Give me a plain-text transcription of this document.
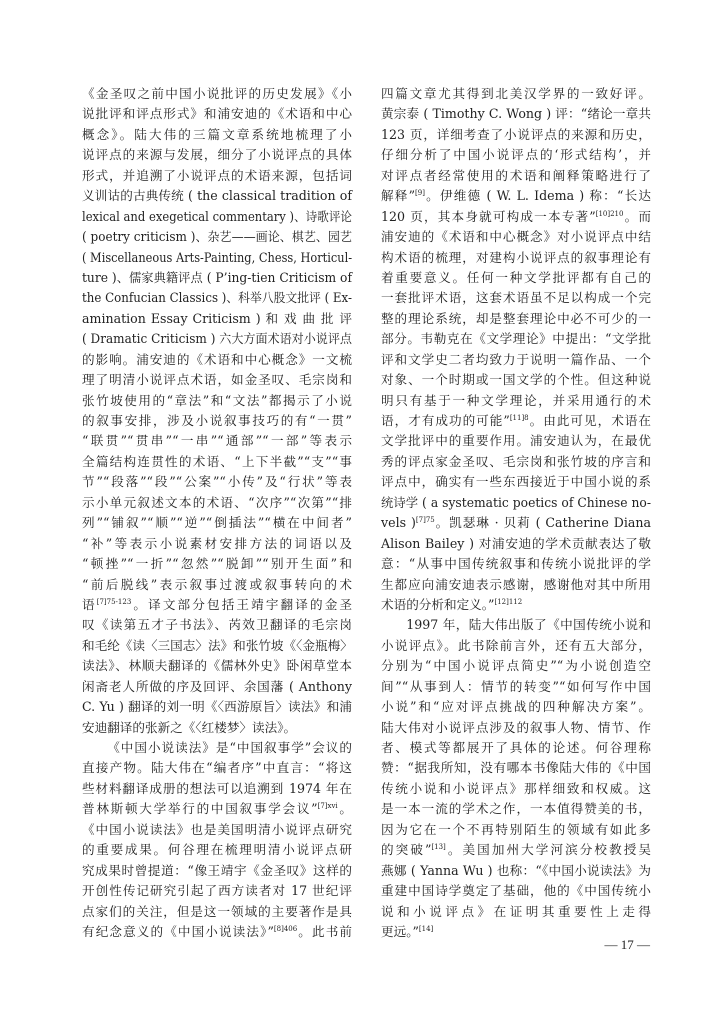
《金圣叹之前中国小说批评的历史发展》《小
说批评和评点形式》和浦安迪的《术语和中心
概念》。陆大伟的三篇文章系统地梳理了小
说评点的来源与发展，细分了小说评点的具体
形式，并追溯了小说评点的术语来源，包括词
义训诂的古典传统 ( the classical tradition of
lexical and exegetical commentary )、诗歌评论
( poetry criticism )、杂艺——画论、棋艺、园艺
( Miscellaneous Arts-Painting, Chess, Horticul-
ture )、儒家典籍评点 ( P’ing-tien Criticism of
the Confucian Classics )、科举八股文批评 ( Ex-
amination Essay Criticism ) 和 戏 曲 批 评
( Dramatic Criticism ) 六大方面术语对小说评点
的影响。浦安迪的《术语和中心概念》一文梳
理了明清小说评点术语，如金圣叹、毛宗岗和
张竹坡使用的“章法”和“文法”都揭示了小说
的叙事安排，涉及小说叙事技巧的有“一贯”
“联贯”“贯串”“一串”“通部”“一部”等表示
全篇结构连贯性的术语、“上下半截”“支”“事
节”“段落”“段”“公案”“小传”及“行状”等表
示小单元叙述文本的术语、“次序”“次第”“排
列”“铺叙”“顺”“逆”“倒插法”“横在中间者”
“补”等表示小说素材安排方法的词语以及
“顿挫”“一折”“忽然”“脱卸”“别开生面”和
“前后脱线”表示叙事过渡或叙事转向的术
语$^{[7]75-123}$。译文部分包括王靖宇翻译的金圣
叹《读第五才子书法》、芮效卫翻译的毛宗岗
和毛纶《读〈三国志〉法》和张竹坡《〈金瓶梅〉
读法》、林顺夫翻译的《儒林外史》卧闲草堂本
闲斋老人所做的序及回评、余国藩 ( Anthony
C. Yu ) 翻译的刘一明《〈西游原旨〉读法》和浦
安迪翻译的张新之《〈红楼梦〉读法》。
《中国小说读法》是“中国叙事学”会议的
直接产物。陆大伟在“编者序”中直言：“将这
些材料翻译成册的想法可以追溯到 1974 年在
普林斯顿大学举行的中国叙事学会议”$^{[7]xvi}$。
《中国小说读法》也是美国明清小说评点研究
的重要成果。何谷理在梳理明清小说评点研
究成果时曾提道：“像王靖宇《金圣叹》这样的
开创性传记研究引起了西方读者对 17 世纪评
点家们的关注，但是这一领域的主要著作是具
有纪念意义的《中国小说读法》”$^{[8]406}$。此书前
四篇文章尤其得到北美汉学界的一致好评。
黄宗泰 ( Timothy C. Wong ) 评：“绪论一章共
123 页，详细考查了小说评点的来源和历史，
仔细分析了中国小说评点的‘形式结构’，并
对评点者经常使用的术语和阐释策略进行了
解释”[9]。伊维德 ( W. L. Idema ) 称：“长达
120 页，其本身就可构成一本专著”$^{[10]210}$。而
浦安迪的《术语和中心概念》对小说评点中结
构术语的梳理，对建构小说评点的叙事理论有
着重要意义。任何一种文学批评都有自己的
一套批评术语，这套术语虽不足以构成一个完
整的理论系统，却是整套理论中必不可少的一
部分。韦勒克在《文学理论》中提出：“文学批
评和文学史二者均致力于说明一篇作品、一个
对象、一个时期或一国文学的个性。但这种说
明只有基于一种文学理论，并采用通行的术
语，才有成功的可能”$^{[11]8}$。由此可见，术语在
文学批评中的重要作用。浦安迪认为，在最优
秀的评点家金圣叹、毛宗岗和张竹坡的序言和
评点中，确实有一些东西接近于中国小说的系
统诗学 ( a systematic poetics of Chinese no-
vels )$^{[7]75}$。凯瑟琳 · 贝莉 ( Catherine Diana
Alison Bailey ) 对浦安迪的学术贡献表达了敬
意：“从事中国传统叙事和传统小说批评的学
生都应向浦安迪表示感谢，感谢他对其中所用
术语的分析和定义。”$^{[12]112}$
1997 年，陆大伟出版了《中国传统小说和
小说评点》。此书除前言外，还有五大部分，
分别为“中国小说评点简史”“为小说创造空
间”“从事到人：情节的转变”“如何写作中国
小说”和“应对评点挑战的四种解决方案”。
陆大伟对小说评点涉及的叙事人物、情节、作
者、模式等都展开了具体的论述。何谷理称
赞：“据我所知，没有哪本书像陆大伟的《中国
传统小说和小说评点》那样细致和权威。这
是一本一流的学术之作，一本值得赞美的书，
因为它在一个不再特别陌生的领域有如此多
的突破”[13]。美国加州大学河滨分校教授吴
燕娜 ( Yanna Wu ) 也称：“《中国小说读法》为
重建中国诗学奠定了基础，他的《中国传统小
说和小说评点》在证明其重要性上走得
更远。”[14]
— 17 —
